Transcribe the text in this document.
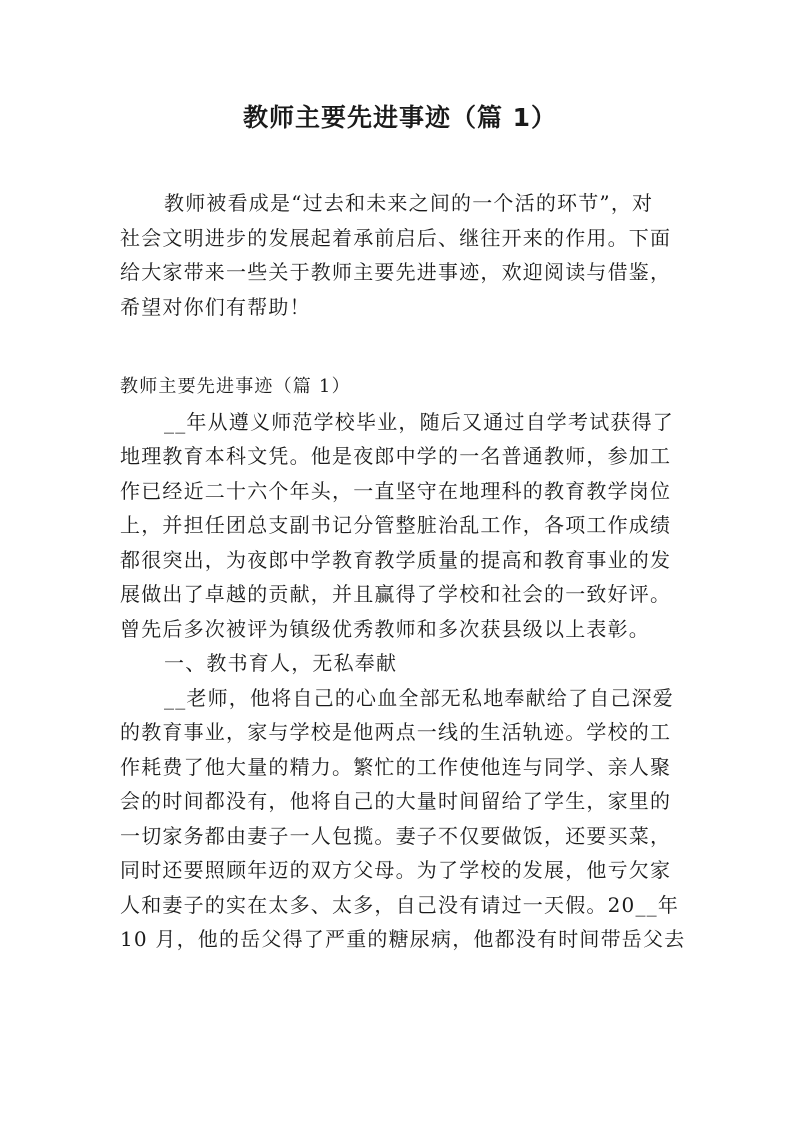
教师主要先进事迹（篇 1）
教师被看成是“过去和未来之间的一个活的环节”，对
社会文明进步的发展起着承前启后、继往开来的作用。下面
给大家带来一些关于教师主要先进事迹，欢迎阅读与借鉴，
希望对你们有帮助！
教师主要先进事迹（篇 1）
__年从遵义师范学校毕业，随后又通过自学考试获得了
地理教育本科文凭。他是夜郎中学的一名普通教师，参加工
作已经近二十六个年头，一直坚守在地理科的教育教学岗位
上，并担任团总支副书记分管整脏治乱工作，各项工作成绩
都很突出，为夜郎中学教育教学质量的提高和教育事业的发
展做出了卓越的贡献，并且赢得了学校和社会的一致好评。
曾先后多次被评为镇级优秀教师和多次获县级以上表彰。
一、教书育人，无私奉献
__老师，他将自己的心血全部无私地奉献给了自己深爱
的教育事业，家与学校是他两点一线的生活轨迹。学校的工
作耗费了他大量的精力。繁忙的工作使他连与同学、亲人聚
会的时间都没有，他将自己的大量时间留给了学生，家里的
一切家务都由妻子一人包揽。妻子不仅要做饭，还要买菜，
同时还要照顾年迈的双方父母。为了学校的发展，他亏欠家
人和妻子的实在太多、太多，自己没有请过一天假。20__年
10 月，他的岳父得了严重的糖尿病，他都没有时间带岳父去
